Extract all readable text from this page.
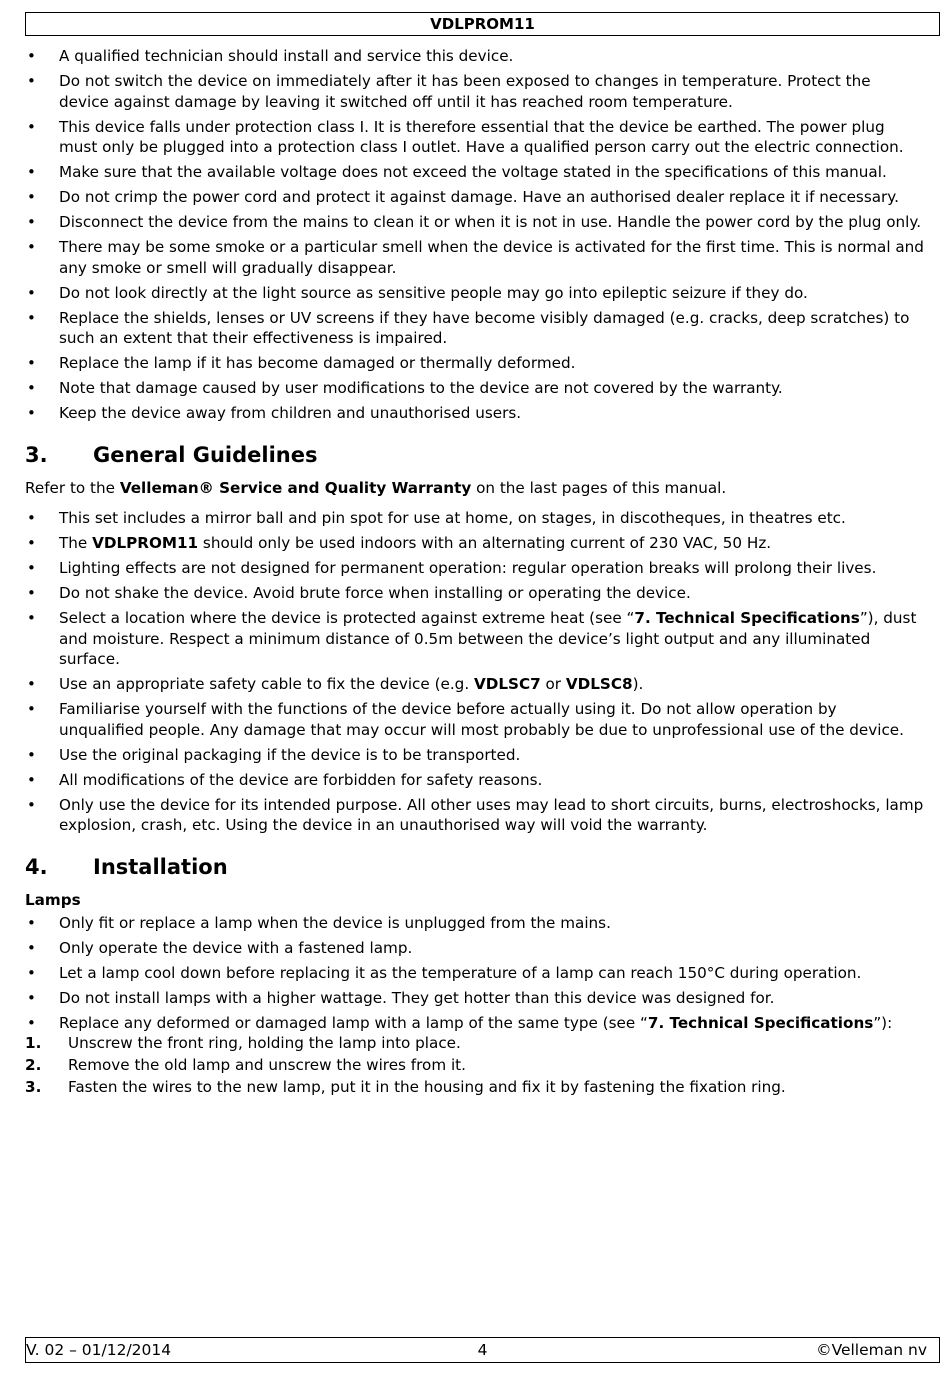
VDLPROM11
• A qualified technician should install and service this device.
• Do not switch the device on immediately after it has been exposed to changes in temperature. Protect the device against damage by leaving it switched off until it has reached room temperature.
• This device falls under protection class I. It is therefore essential that the device be earthed. The power plug must only be plugged into a protection class I outlet. Have a qualified person carry out the electric connection.
• Make sure that the available voltage does not exceed the voltage stated in the specifications of this manual.
• Do not crimp the power cord and protect it against damage. Have an authorised dealer replace it if necessary.
• Disconnect the device from the mains to clean it or when it is not in use. Handle the power cord by the plug only.
• There may be some smoke or a particular smell when the device is activated for the first time. This is normal and any smoke or smell will gradually disappear.
• Do not look directly at the light source as sensitive people may go into epileptic seizure if they do.
• Replace the shields, lenses or UV screens if they have become visibly damaged (e.g. cracks, deep scratches) to such an extent that their effectiveness is impaired.
• Replace the lamp if it has become damaged or thermally deformed.
• Note that damage caused by user modifications to the device are not covered by the warranty.
• Keep the device away from children and unauthorised users.
3.	General Guidelines

Refer to the Velleman® Service and Quality Warranty on the last pages of this manual.

• This set includes a mirror ball and pin spot for use at home, on stages, in discotheques, in theatres etc.
• The VDLPROM11 should only be used indoors with an alternating current of 230 VAC, 50 Hz.
• Lighting effects are not designed for permanent operation: regular operation breaks will prolong their lives.
• Do not shake the device. Avoid brute force when installing or operating the device.
• Select a location where the device is protected against extreme heat (see “7. Technical Specifications”), dust and moisture. Respect a minimum distance of 0.5m between the device’s light output and any illuminated surface.
• Use an appropriate safety cable to fix the device (e.g. VDLSC7 or VDLSC8).
• Familiarise yourself with the functions of the device before actually using it. Do not allow operation by unqualified people. Any damage that may occur will most probably be due to unprofessional use of the device.
• Use the original packaging if the device is to be transported.
• All modifications of the device are forbidden for safety reasons.
• Only use the device for its intended purpose. All other uses may lead to short circuits, burns, electroshocks, lamp explosion, crash, etc. Using the device in an unauthorised way will void the warranty.
4.	Installation
Lamps
• Only fit or replace a lamp when the device is unplugged from the mains.
• Only operate the device with a fastened lamp.
• Let a lamp cool down before replacing it as the temperature of a lamp can reach 150°C during operation.
• Do not install lamps with a higher wattage. They get hotter than this device was designed for.
• Replace any deformed or damaged lamp with a lamp of the same type (see “7. Technical Specifications”):
1. Unscrew the front ring, holding the lamp into place.
2. Remove the old lamp and unscrew the wires from it.
3. Fasten the wires to the new lamp, put it in the housing and fix it by fastening the fixation ring.
V. 02 – 01/12/2014	4	©Velleman nv
